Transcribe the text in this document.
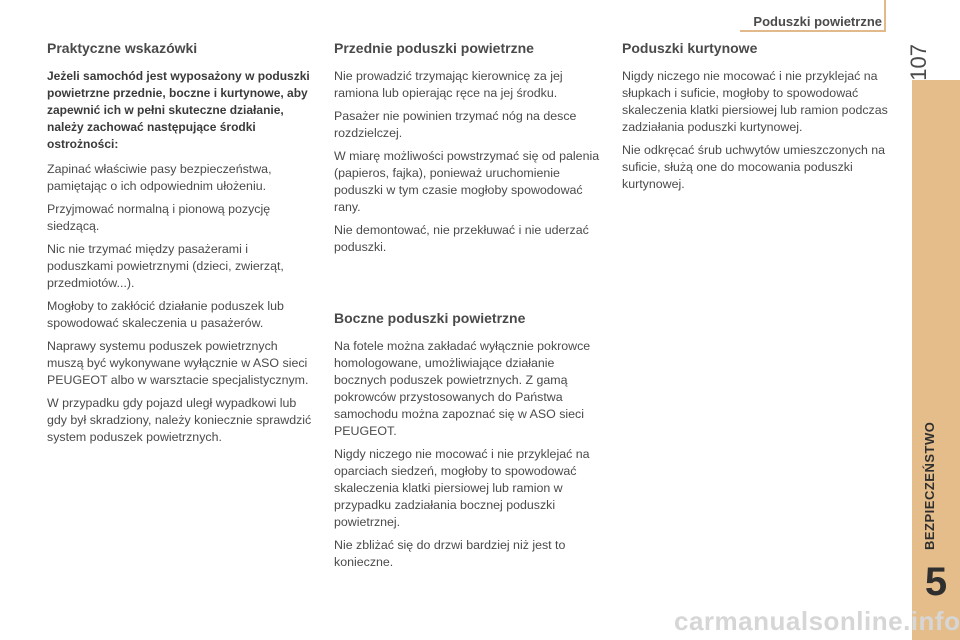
Poduszki powietrzne
107
BEZPIECZEŃSTWO
5
Praktyczne wskazówki
Jeżeli samochód jest wyposażony w poduszki powietrzne przednie, boczne i kurtynowe, aby zapewnić ich w pełni skuteczne działanie, należy zachować następujące środki ostrożności:

Zapinać właściwie pasy bezpieczeństwa, pamiętając o ich odpowiednim ułożeniu.

Przyjmować normalną i pionową pozycję siedzącą.

Nic nie trzymać między pasażerami i poduszkami powietrznymi (dzieci, zwierząt, przedmiotów...).

Mogłoby to zakłócić działanie poduszek lub spowodować skaleczenia u pasażerów.

Naprawy systemu poduszek powietrznych muszą być wykonywane wyłącznie w ASO sieci PEUGEOT albo w warsztacie specjalistycznym.

W przypadku gdy pojazd uległ wypadkowi lub gdy był skradziony, należy koniecznie sprawdzić system poduszek powietrznych.

Przednie poduszki powietrzne

Nie prowadzić trzymając kierownicę za jej ramiona lub opierając ręce na jej środku.

Pasażer nie powinien trzymać nóg na desce rozdzielczej.

W miarę możliwości powstrzymać się od palenia (papieros, fajka), ponieważ uruchomienie poduszki w tym czasie mogłoby spowodować rany.

Nie demontować, nie przekłuwać i nie uderzać poduszki.

Boczne poduszki powietrzne

Na fotele można zakładać wyłącznie pokrowce homologowane, umożliwiające działanie bocznych poduszek powietrznych. Z gamą pokrowców przystosowanych do Państwa samochodu można zapoznać się w ASO sieci PEUGEOT.

Nigdy niczego nie mocować i nie przyklejać na oparciach siedzeń, mogłoby to spowodować skaleczenia klatki piersiowej lub ramion w przypadku zadziałania bocznej poduszki powietrznej.

Nie zbliżać się do drzwi bardziej niż jest to konieczne.

Poduszki kurtynowe

Nigdy niczego nie mocować i nie przyklejać na słupkach i suficie, mogłoby to spowodować skaleczenia klatki piersiowej lub ramion podczas zadziałania poduszki kurtynowej.

Nie odkręcać śrub uchwytów umieszczonych na suficie, służą one do mocowania poduszki kurtynowej.

carmanualsonline.info
